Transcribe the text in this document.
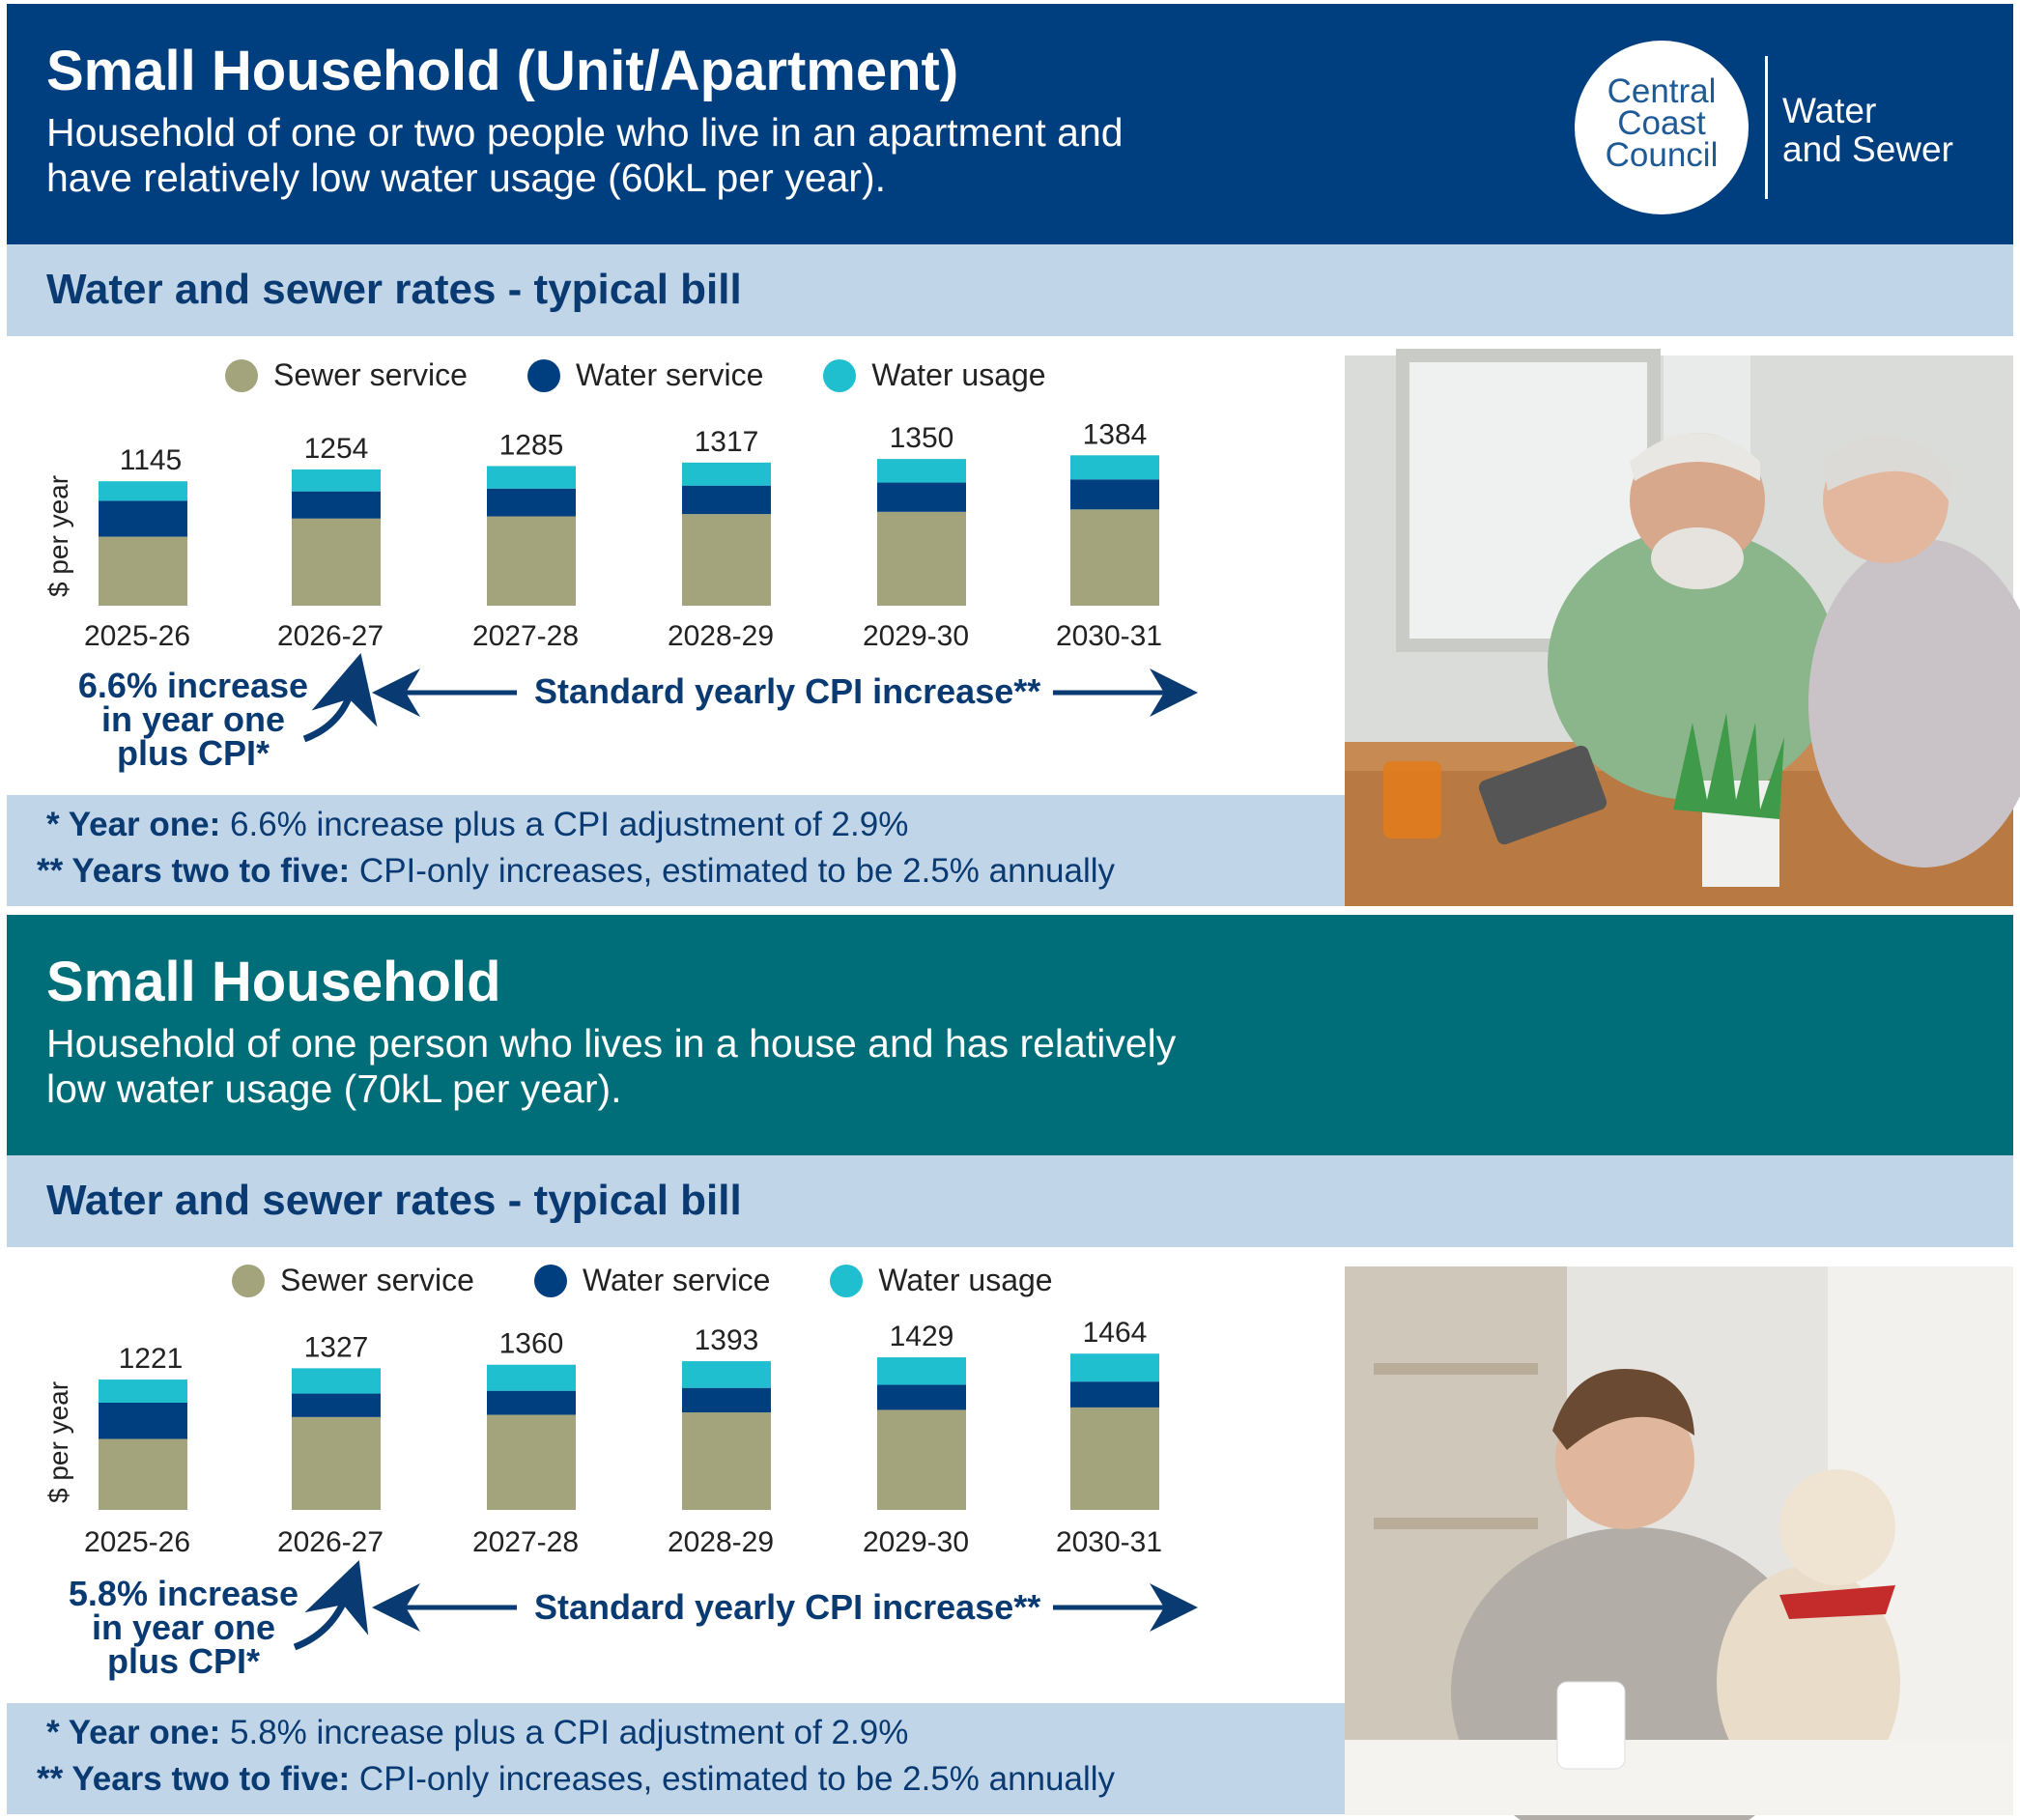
Small Household (Unit/Apartment)
Household of one or two people who live in an apartment and
have relatively low water usage (60kL per year).
Central
Coast
Council
Water
and Sewer
Water and sewer rates - typical bill
Sewer service	Water service	Water usage
$ per year
1145
2025-26
1254
2026-27
1285
2027-28
1317
2028-29
1350
2029-30
1384
2030-31
6.6% increase
in year one
plus CPI*
Standard yearly CPI increase**
* Year one: 6.6% increase plus a CPI adjustment of 2.9%
** Years two to five: CPI-only increases, estimated to be 2.5% annually
Small Household
Household of one person who lives in a house and has relatively
low water usage (70kL per year).
Water and sewer rates - typical bill
Sewer service	Water service	Water usage
$ per year
1221
2025-26
1327
2026-27
1360
2027-28
1393
2028-29
1429
2029-30
1464
2030-31
5.8% increase
in year one
plus CPI*
Standard yearly CPI increase**
* Year one: 5.8% increase plus a CPI adjustment of 2.9%
** Years two to five: CPI-only increases, estimated to be 2.5% annually
